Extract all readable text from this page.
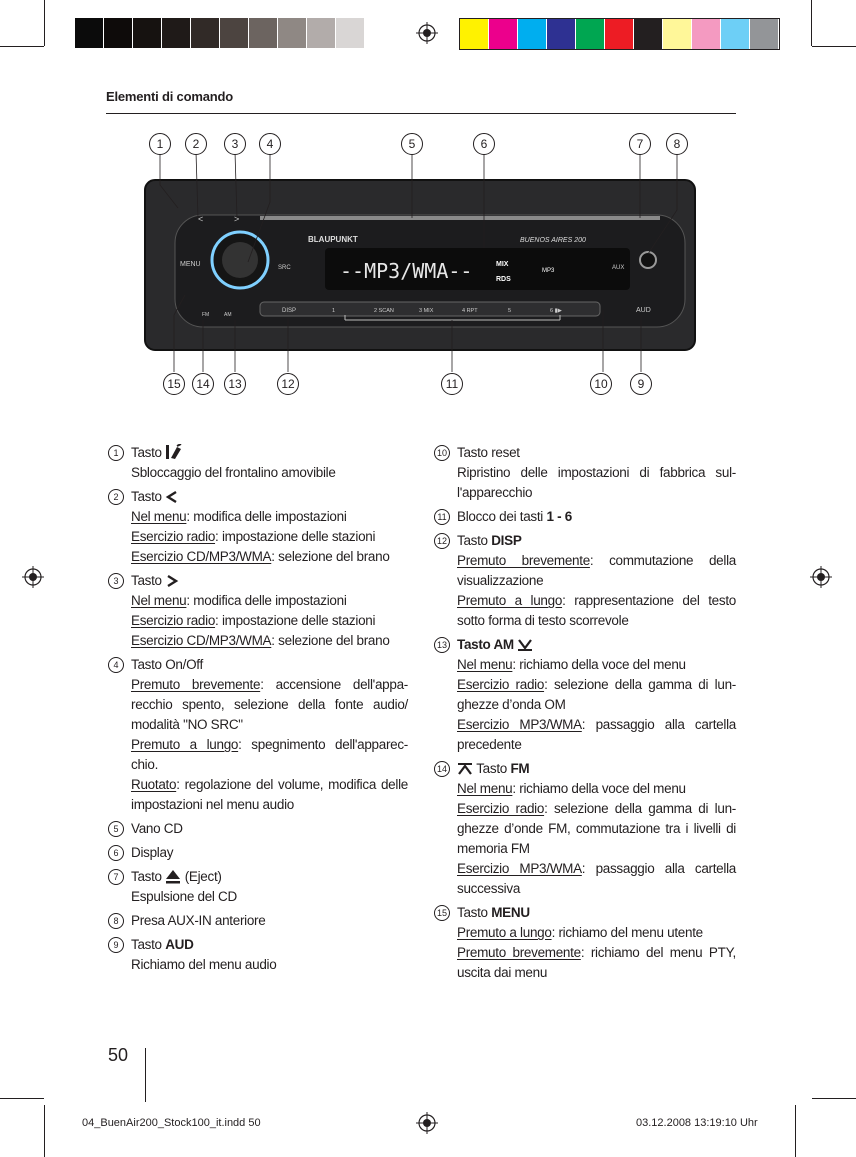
Elementi di comando
BLAUPUNKT	BUENOS AIRES 200
--MP3/WMA--	MIX
RDS
MP3
MENU	SRC	AUX
AUD
DISP
FM	AM
1	2 SCAN	3 MIX	4 RPT	5	6 ▮▶
<	>
1	2	3	4	5	6	7	8
15	14	13	12	11	10	9
1 Tasto
Sbloccaggio del frontalino amovibile
2 Tasto
Nel menu: modifica delle impostazioni
Esercizio radio: impostazione delle stazioni
Esercizio CD/MP3/WMA: selezione del brano
3 Tasto
Nel menu: modifica delle impostazioni
Esercizio radio: impostazione delle stazioni
Esercizio CD/MP3/WMA: selezione del brano
4 Tasto On/Off
Premuto brevemente: accensione dell'appa-recchio spento, selezione della fonte audio/ modalità "NO SRC"
Premuto a lungo: spegnimento dell'apparec-chio.
Ruotato: regolazione del volume, modifica delle impostazioni nel menu audio
5 Vano CD
6 Display
7 Tasto (Eject)
Espulsione del CD
8 Presa AUX-IN anteriore
9 Tasto AUD
Richiamo del menu audio
10 Tasto reset
Ripristino delle impostazioni di fabbrica sul-l'apparecchio
11 Blocco dei tasti 1 - 6
12 Tasto DISP
Premuto brevemente: commutazione della visualizzazione
Premuto a lungo: rappresentazione del testo sotto forma di testo scorrevole
13 Tasto AM
Nel menu: richiamo della voce del menu
Esercizio radio: selezione della gamma di lun-ghezze d’onda OM
Esercizio MP3/WMA: passaggio alla cartella precedente
14	Tasto FM
Nel menu: richiamo della voce del menu
Esercizio radio: selezione della gamma di lun-ghezze d’onde FM, commutazione tra i livelli di memoria FM
Esercizio MP3/WMA: passaggio alla cartella successiva
15 Tasto MENU
Premuto a lungo: richiamo del menu utente
Premuto brevemente: richiamo del menu PTY, uscita dai menu
50
04_BuenAir200_Stock100_it.indd 50	03.12.2008 13:19:10 Uhr
